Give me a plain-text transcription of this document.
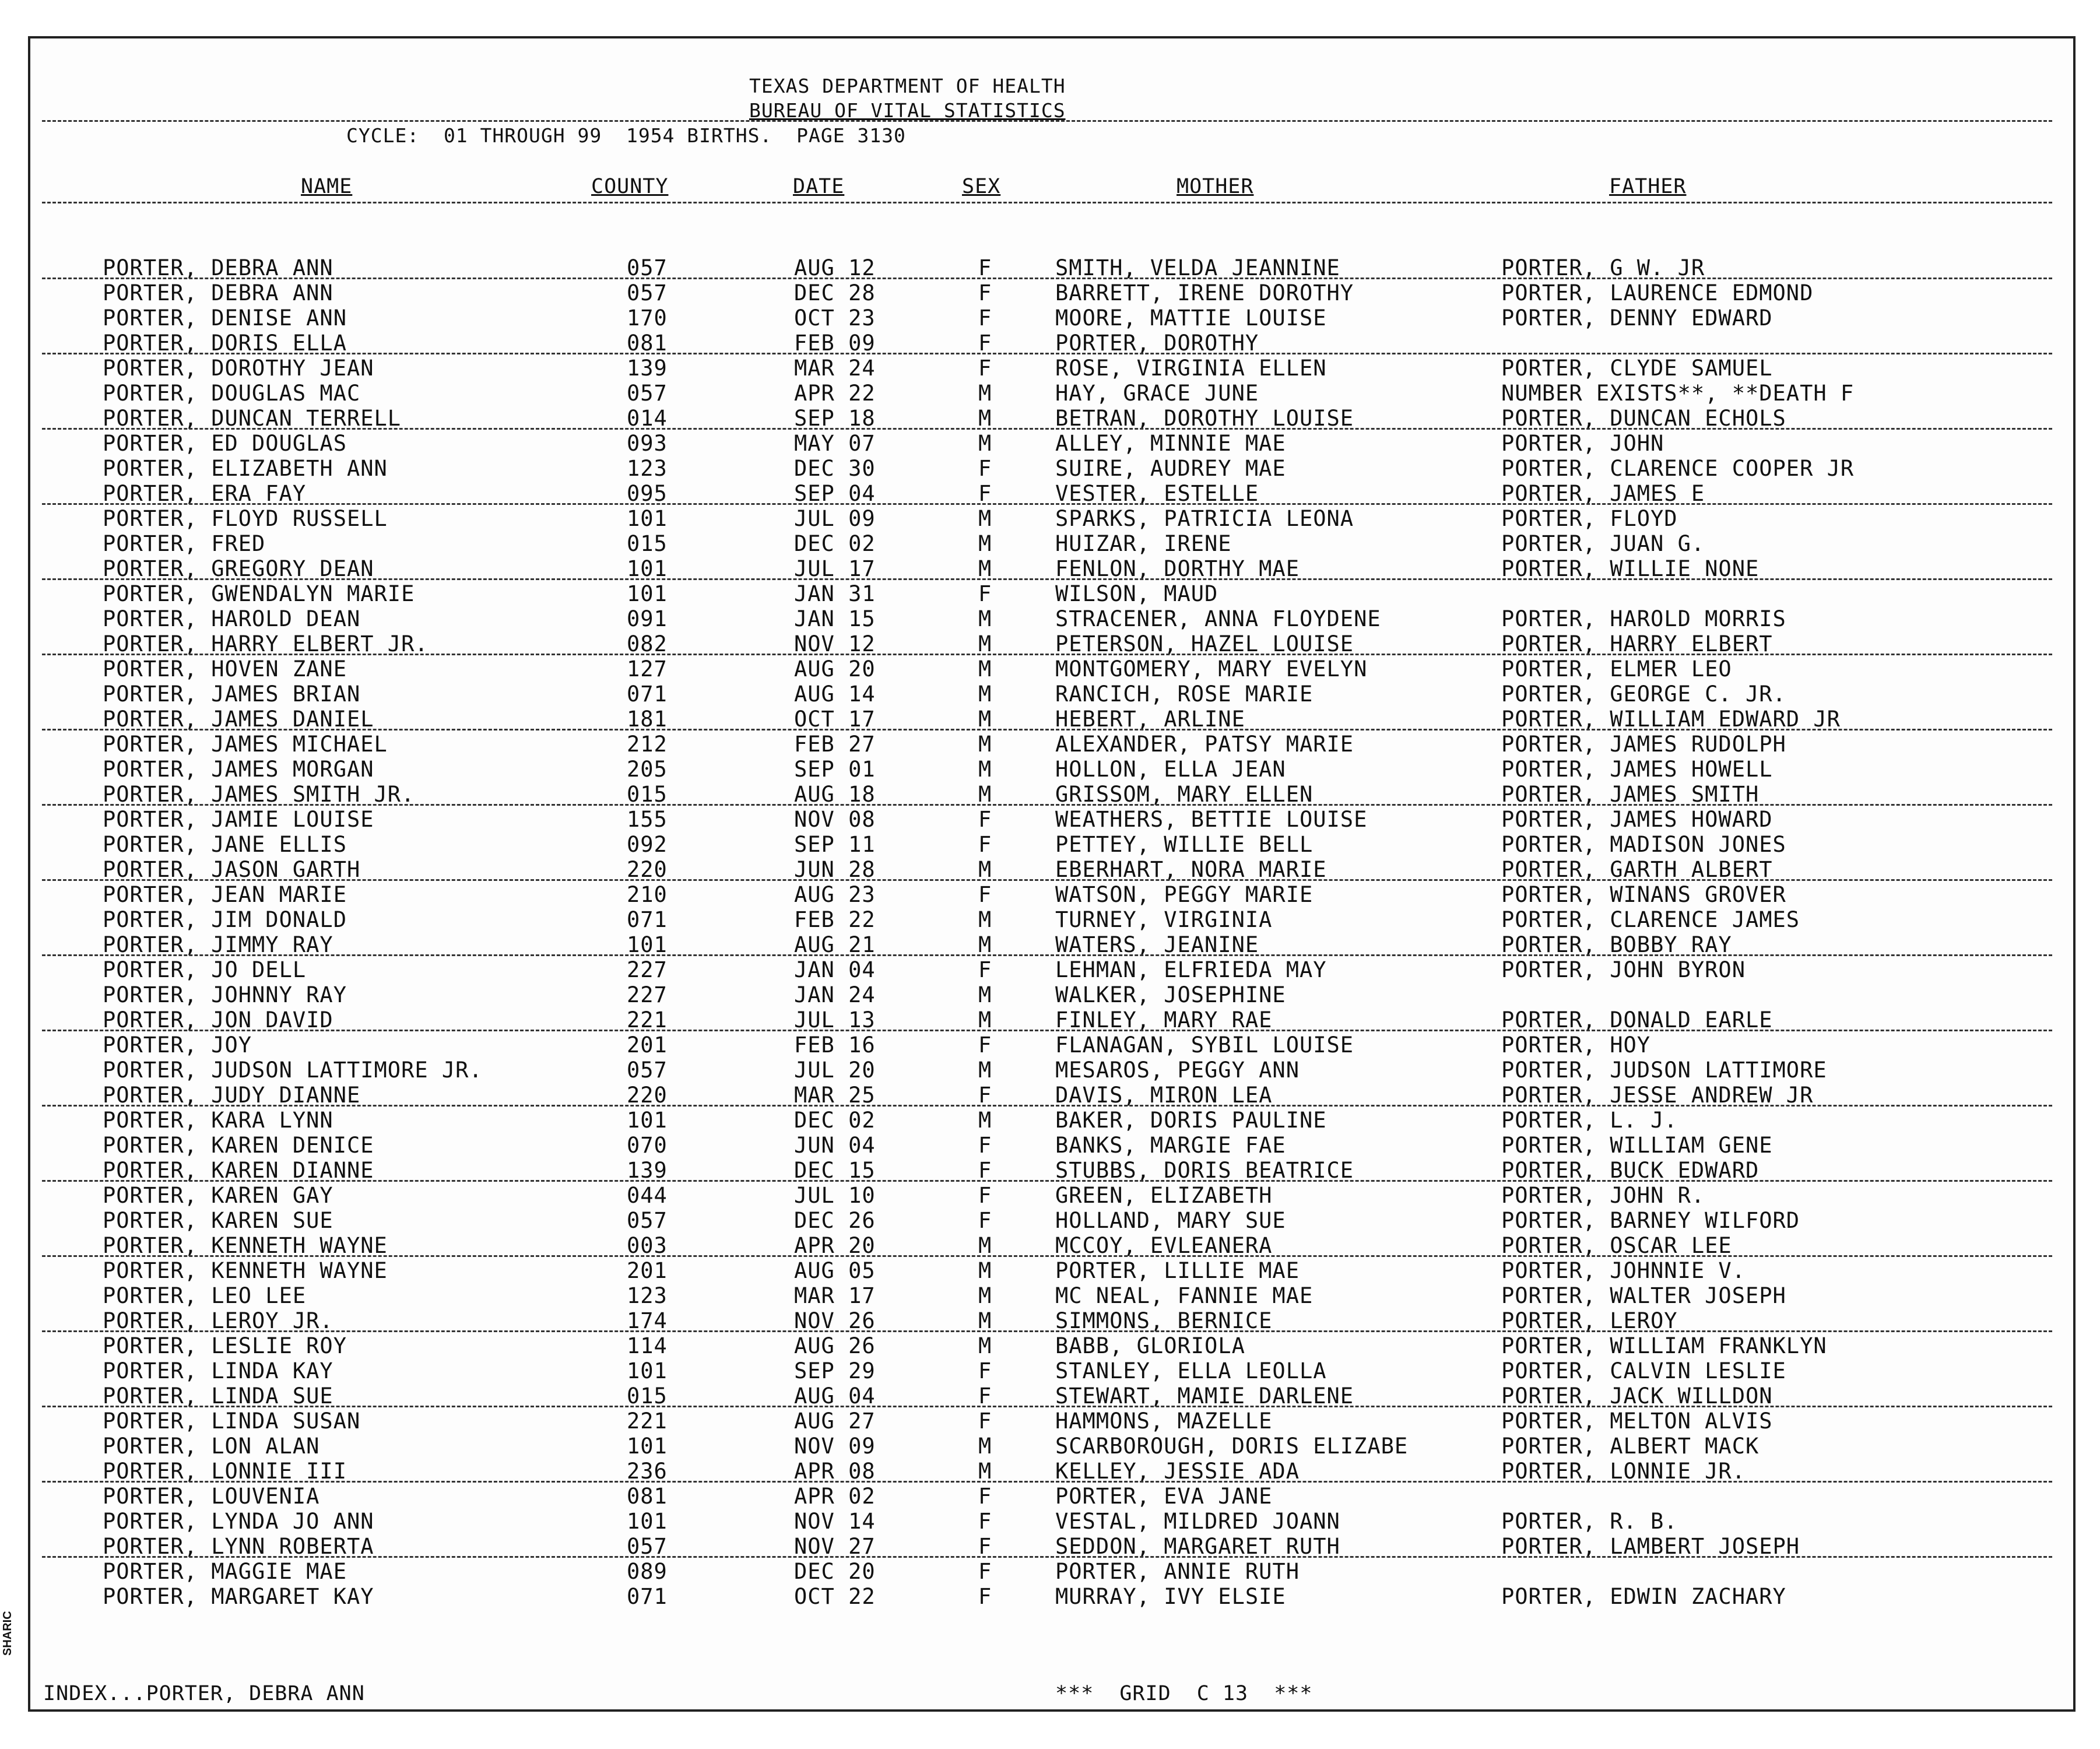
TEXAS DEPARTMENT OF HEALTH
BUREAU OF VITAL STATISTICS
CYCLE:  01 THROUGH 99  1954 BIRTHS.  PAGE 3130
NAME	COUNTY	DATE	SEX	MOTHER	FATHER
PORTER, DEBRA ANN	057	AUG 12	F	SMITH, VELDA JEANNINE	PORTER, G W. JR
PORTER, DEBRA ANN	057	DEC 28	F	BARRETT, IRENE DOROTHY	PORTER, LAURENCE EDMOND
PORTER, DENISE ANN	170	OCT 23	F	MOORE, MATTIE LOUISE	PORTER, DENNY EDWARD
PORTER, DORIS ELLA	081	FEB 09	F	PORTER, DOROTHY
PORTER, DOROTHY JEAN	139	MAR 24	F	ROSE, VIRGINIA ELLEN	PORTER, CLYDE SAMUEL
PORTER, DOUGLAS MAC	057	APR 22	M	HAY, GRACE JUNE	NUMBER EXISTS**, **DEATH F
PORTER, DUNCAN TERRELL	014	SEP 18	M	BETRAN, DOROTHY LOUISE	PORTER, DUNCAN ECHOLS
PORTER, ED DOUGLAS	093	MAY 07	M	ALLEY, MINNIE MAE	PORTER, JOHN
PORTER, ELIZABETH ANN	123	DEC 30	F	SUIRE, AUDREY MAE	PORTER, CLARENCE COOPER JR
PORTER, ERA FAY	095	SEP 04	F	VESTER, ESTELLE	PORTER, JAMES E
PORTER, FLOYD RUSSELL	101	JUL 09	M	SPARKS, PATRICIA LEONA	PORTER, FLOYD
PORTER, FRED	015	DEC 02	M	HUIZAR, IRENE	PORTER, JUAN G.
PORTER, GREGORY DEAN	101	JUL 17	M	FENLON, DORTHY MAE	PORTER, WILLIE NONE
PORTER, GWENDALYN MARIE	101	JAN 31	F	WILSON, MAUD
PORTER, HAROLD DEAN	091	JAN 15	M	STRACENER, ANNA FLOYDENE	PORTER, HAROLD MORRIS
PORTER, HARRY ELBERT JR.	082	NOV 12	M	PETERSON, HAZEL LOUISE	PORTER, HARRY ELBERT
PORTER, HOVEN ZANE	127	AUG 20	M	MONTGOMERY, MARY EVELYN	PORTER, ELMER LEO
PORTER, JAMES BRIAN	071	AUG 14	M	RANCICH, ROSE MARIE	PORTER, GEORGE C. JR.
PORTER, JAMES DANIEL	181	OCT 17	M	HEBERT, ARLINE	PORTER, WILLIAM EDWARD JR
PORTER, JAMES MICHAEL	212	FEB 27	M	ALEXANDER, PATSY MARIE	PORTER, JAMES RUDOLPH
PORTER, JAMES MORGAN	205	SEP 01	M	HOLLON, ELLA JEAN	PORTER, JAMES HOWELL
PORTER, JAMES SMITH JR.	015	AUG 18	M	GRISSOM, MARY ELLEN	PORTER, JAMES SMITH
PORTER, JAMIE LOUISE	155	NOV 08	F	WEATHERS, BETTIE LOUISE	PORTER, JAMES HOWARD
PORTER, JANE ELLIS	092	SEP 11	F	PETTEY, WILLIE BELL	PORTER, MADISON JONES
PORTER, JASON GARTH	220	JUN 28	M	EBERHART, NORA MARIE	PORTER, GARTH ALBERT
PORTER, JEAN MARIE	210	AUG 23	F	WATSON, PEGGY MARIE	PORTER, WINANS GROVER
PORTER, JIM DONALD	071	FEB 22	M	TURNEY, VIRGINIA	PORTER, CLARENCE JAMES
PORTER, JIMMY RAY	101	AUG 21	M	WATERS, JEANINE	PORTER, BOBBY RAY
PORTER, JO DELL	227	JAN 04	F	LEHMAN, ELFRIEDA MAY	PORTER, JOHN BYRON
PORTER, JOHNNY RAY	227	JAN 24	M	WALKER, JOSEPHINE
PORTER, JON DAVID	221	JUL 13	M	FINLEY, MARY RAE	PORTER, DONALD EARLE
PORTER, JOY	201	FEB 16	F	FLANAGAN, SYBIL LOUISE	PORTER, HOY
PORTER, JUDSON LATTIMORE JR.	057	JUL 20	M	MESAROS, PEGGY ANN	PORTER, JUDSON LATTIMORE
PORTER, JUDY DIANNE	220	MAR 25	F	DAVIS, MIRON LEA	PORTER, JESSE ANDREW JR
PORTER, KARA LYNN	101	DEC 02	M	BAKER, DORIS PAULINE	PORTER, L. J.
PORTER, KAREN DENICE	070	JUN 04	F	BANKS, MARGIE FAE	PORTER, WILLIAM GENE
PORTER, KAREN DIANNE	139	DEC 15	F	STUBBS, DORIS BEATRICE	PORTER, BUCK EDWARD
PORTER, KAREN GAY	044	JUL 10	F	GREEN, ELIZABETH	PORTER, JOHN R.
PORTER, KAREN SUE	057	DEC 26	F	HOLLAND, MARY SUE	PORTER, BARNEY WILFORD
PORTER, KENNETH WAYNE	003	APR 20	M	MCCOY, EVLEANERA	PORTER, OSCAR LEE
PORTER, KENNETH WAYNE	201	AUG 05	M	PORTER, LILLIE MAE	PORTER, JOHNNIE V.
PORTER, LEO LEE	123	MAR 17	M	MC NEAL, FANNIE MAE	PORTER, WALTER JOSEPH
PORTER, LEROY JR.	174	NOV 26	M	SIMMONS, BERNICE	PORTER, LEROY
PORTER, LESLIE ROY	114	AUG 26	M	BABB, GLORIOLA	PORTER, WILLIAM FRANKLYN
PORTER, LINDA KAY	101	SEP 29	F	STANLEY, ELLA LEOLLA	PORTER, CALVIN LESLIE
PORTER, LINDA SUE	015	AUG 04	F	STEWART, MAMIE DARLENE	PORTER, JACK WILLDON
PORTER, LINDA SUSAN	221	AUG 27	F	HAMMONS, MAZELLE	PORTER, MELTON ALVIS
PORTER, LON ALAN	101	NOV 09	M	SCARBOROUGH, DORIS ELIZABE	PORTER, ALBERT MACK
PORTER, LONNIE III	236	APR 08	M	KELLEY, JESSIE ADA	PORTER, LONNIE JR.
PORTER, LOUVENIA	081	APR 02	F	PORTER, EVA JANE
PORTER, LYNDA JO ANN	101	NOV 14	F	VESTAL, MILDRED JOANN	PORTER, R. B.
PORTER, LYNN ROBERTA	057	NOV 27	F	SEDDON, MARGARET RUTH	PORTER, LAMBERT JOSEPH
PORTER, MAGGIE MAE	089	DEC 20	F	PORTER, ANNIE RUTH
PORTER, MARGARET KAY	071	OCT 22	F	MURRAY, IVY ELSIE	PORTER, EDWIN ZACHARY
INDEX...PORTER, DEBRA ANN	***  GRID  C 13  ***
SHARIC
